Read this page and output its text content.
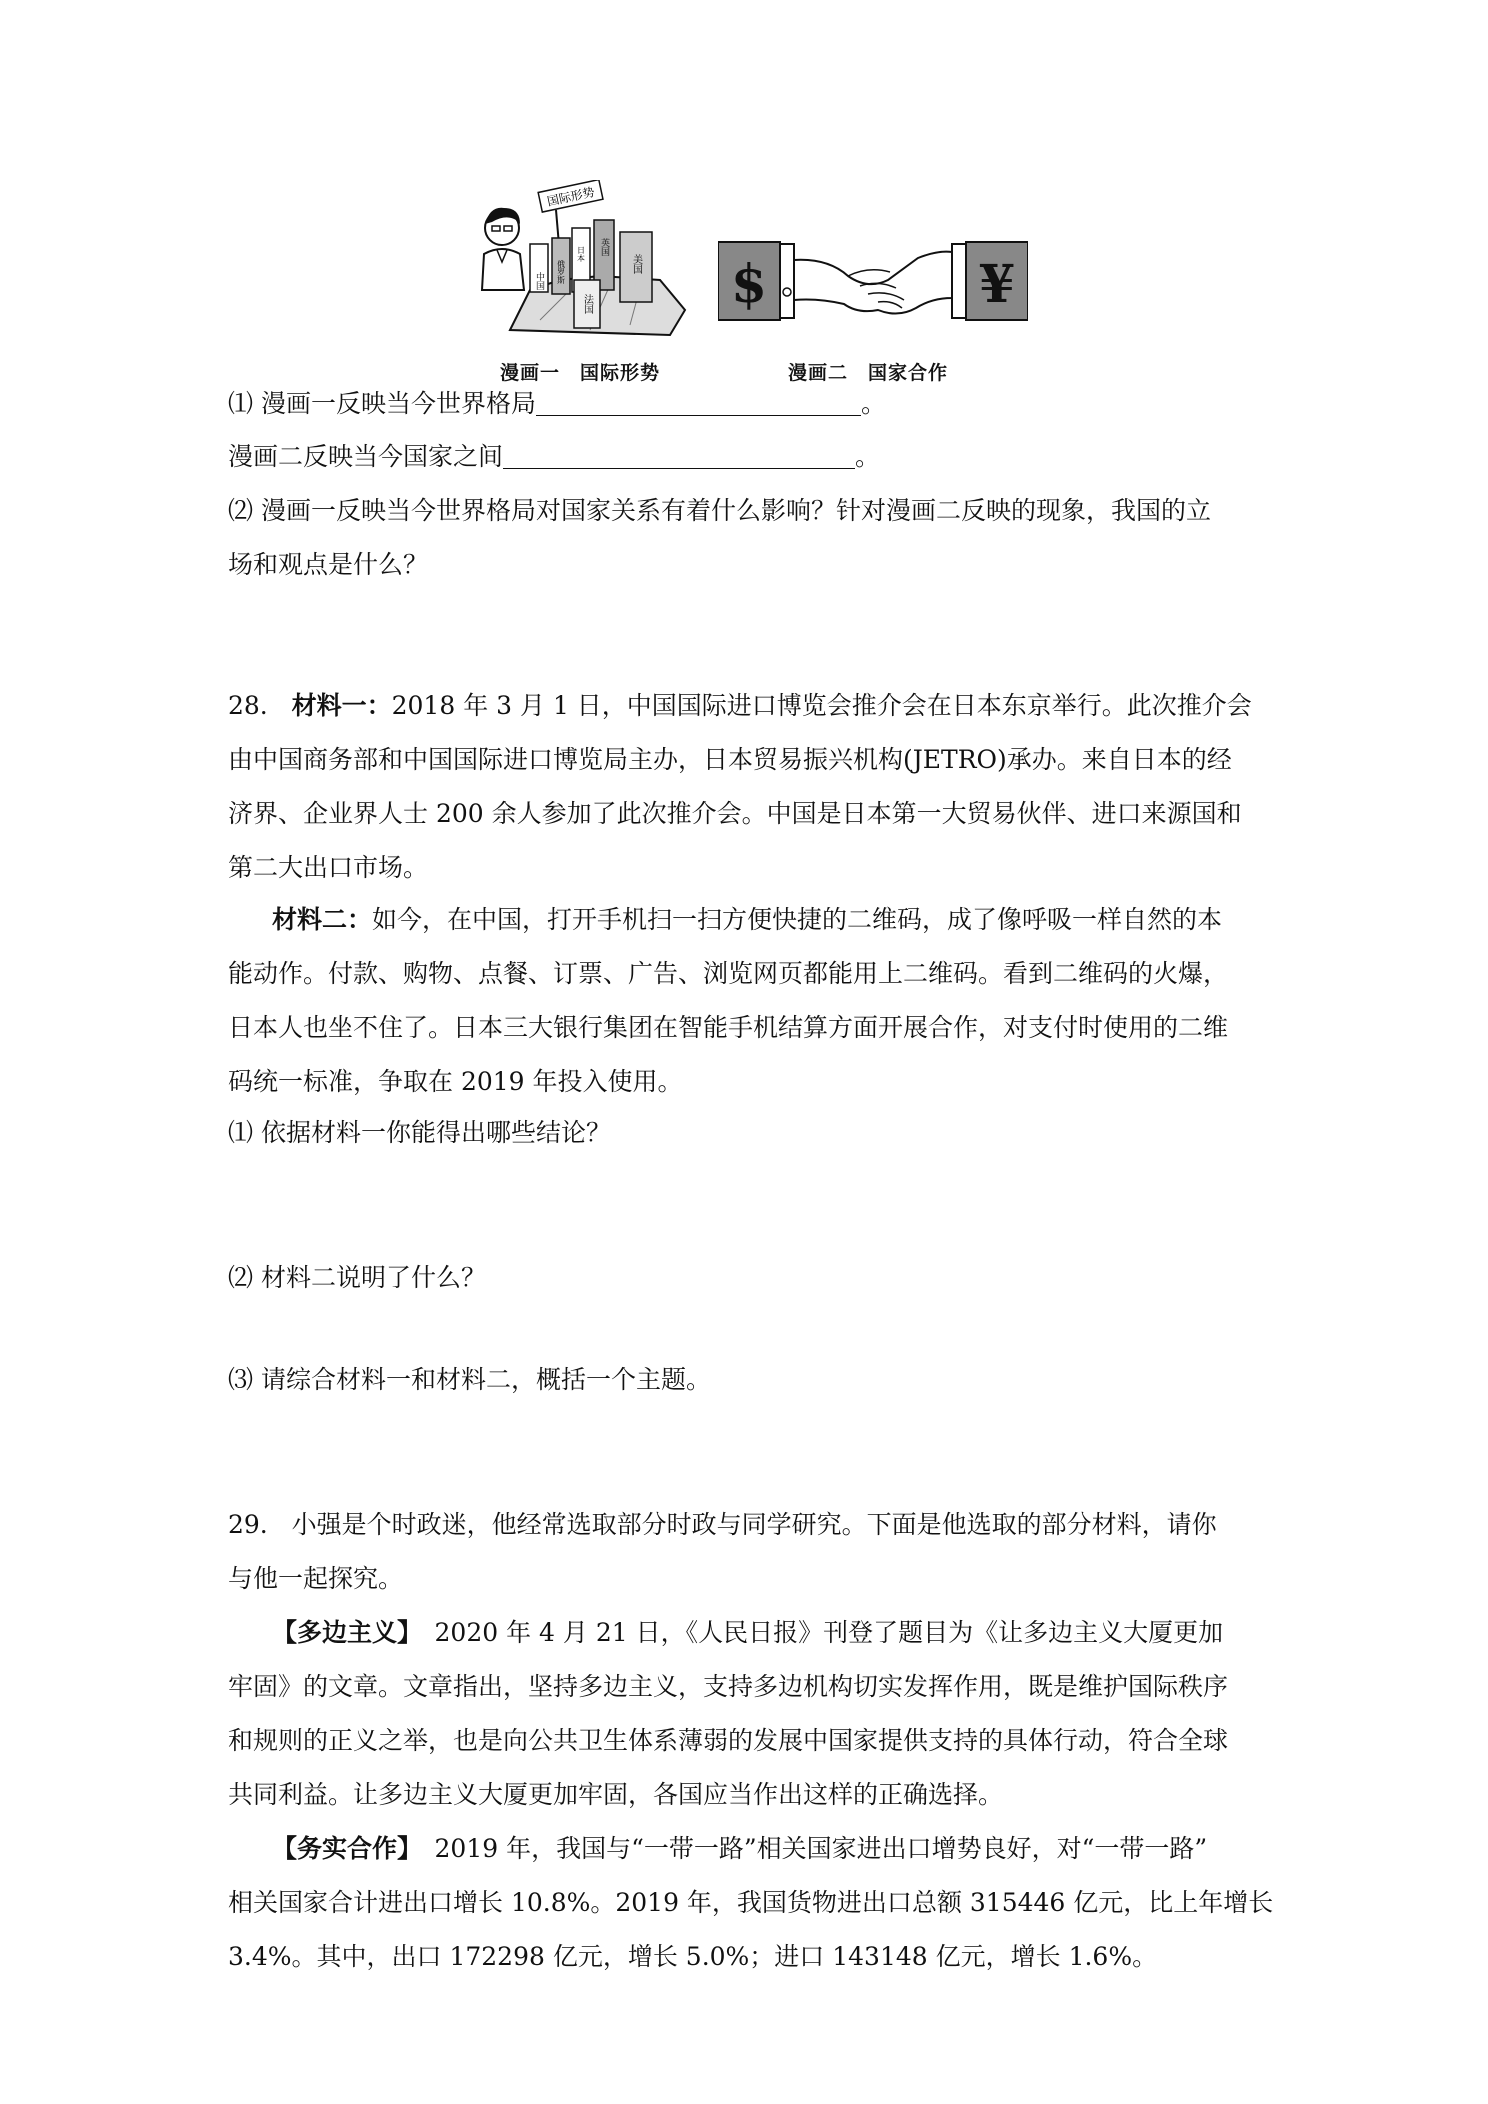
国际形势
中国 俄罗斯
英国
美国
日本
法国
漫画一　国际形势
$	¥
漫画二　国家合作
⑴ 漫画一反映当今世界格局	。
漫画二反映当今国家之间	。
⑵ 漫画一反映当今世界格局对国家关系有着什么影响？针对漫画二反映的现象，我国的立
场和观点是什么？
28. 材料一：2018 年 3 月 1 日，中国国际进口博览会推介会在日本东京举行。此次推介会
由中国商务部和中国国际进口博览局主办，日本贸易振兴机构(JETRO)承办。来自日本的经
济界、企业界人士 200 余人参加了此次推介会。中国是日本第一大贸易伙伴、进口来源国和
第二大出口市场。
材料二：如今，在中国，打开手机扫一扫方便快捷的二维码，成了像呼吸一样自然的本
能动作。付款、购物、点餐、订票、广告、浏览网页都能用上二维码。看到二维码的火爆，
日本人也坐不住了。日本三大银行集团在智能手机结算方面开展合作，对支付时使用的二维
码统一标准，争取在 2019 年投入使用。
⑴ 依据材料一你能得出哪些结论？
⑵ 材料二说明了什么？
⑶ 请综合材料一和材料二，概括一个主题。
29. 小强是个时政迷，他经常选取部分时政与同学研究。下面是他选取的部分材料，请你
与他一起探究。
【多边主义】　2020 年 4 月 21 日，《人民日报》刊登了题目为《让多边主义大厦更加
牢固》的文章。文章指出，坚持多边主义，支持多边机构切实发挥作用，既是维护国际秩序
和规则的正义之举，也是向公共卫生体系薄弱的发展中国家提供支持的具体行动，符合全球
共同利益。让多边主义大厦更加牢固，各国应当作出这样的正确选择。
【务实合作】　2019 年，我国与“一带一路”相关国家进出口增势良好，对“一带一路”
相关国家合计进出口增长 10.8%。2019 年，我国货物进出口总额 315446 亿元，比上年增长
3.4%。其中，出口 172298 亿元，增长 5.0%；进口 143148 亿元，增长 1.6%。
